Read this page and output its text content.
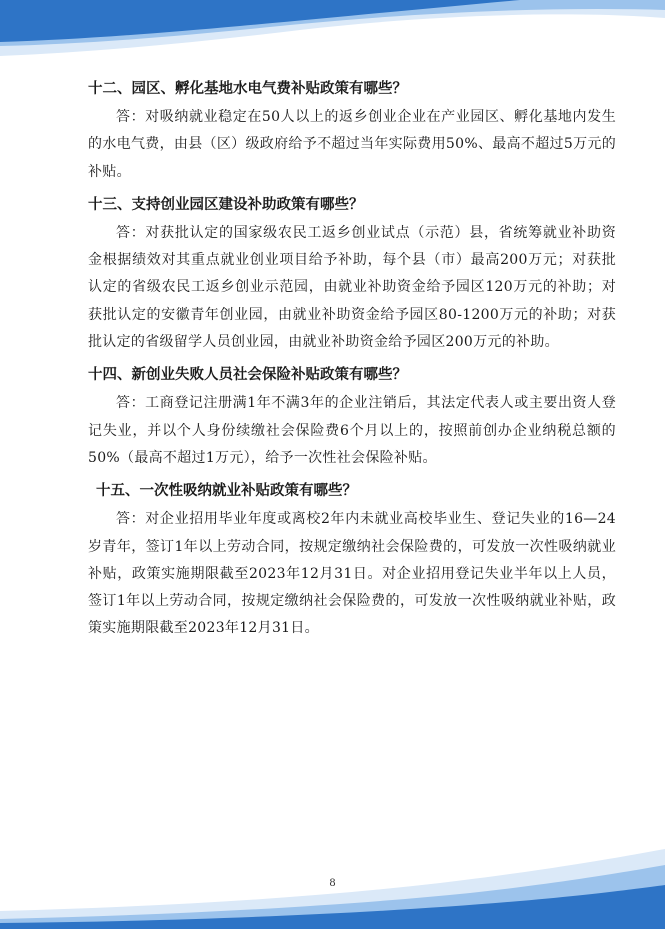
十二、园区、孵化基地水电气费补贴政策有哪些？

答：对吸纳就业稳定在50人以上的返乡创业企业在产业园区、孵化基地内发生的水电气费，由县（区）级政府给予不超过当年实际费用50%、最高不超过5万元的补贴。

十三、支持创业园区建设补助政策有哪些？

答：对获批认定的国家级农民工返乡创业试点（示范）县，省统筹就业补助资金根据绩效对其重点就业创业项目给予补助，每个县（市）最高200万元；对获批认定的省级农民工返乡创业示范园，由就业补助资金给予园区120万元的补助；对获批认定的安徽青年创业园，由就业补助资金给予园区80-1200万元的补助；对获批认定的省级留学人员创业园，由就业补助资金给予园区200万元的补助。

十四、新创业失败人员社会保险补贴政策有哪些？

答：工商登记注册满1年不满3年的企业注销后，其法定代表人或主要出资人登记失业，并以个人身份续缴社会保险费6个月以上的，按照前创办企业纳税总额的50%（最高不超过1万元），给予一次性社会保险补贴。

十五、一次性吸纳就业补贴政策有哪些？

答：对企业招用毕业年度或离校2年内未就业高校毕业生、登记失业的16—24岁青年，签订1年以上劳动合同，按规定缴纳社会保险费的，可发放一次性吸纳就业补贴，政策实施期限截至2023年12月31日。对企业招用登记失业半年以上人员，签订1年以上劳动合同，按规定缴纳社会保险费的，可发放一次性吸纳就业补贴，政策实施期限截至2023年12月31日。

8
